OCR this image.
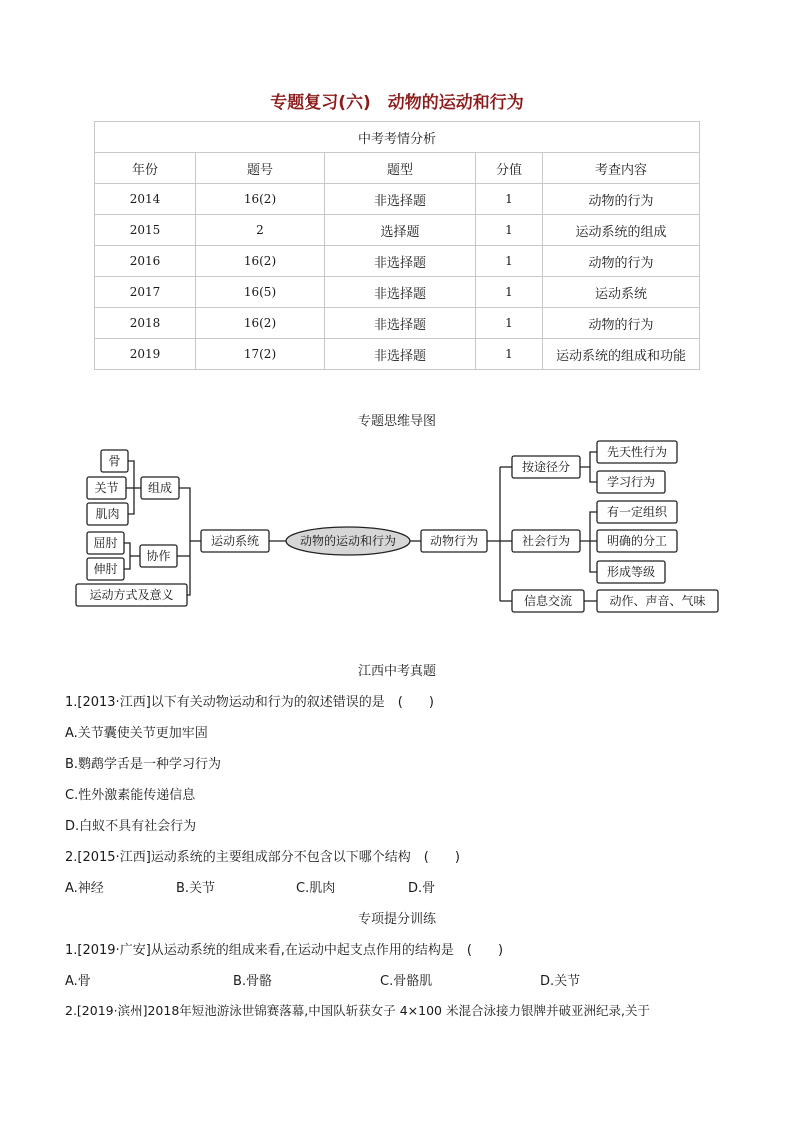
专题复习(六)　动物的运动和行为
中考考情分析				
年份	题号	题型	分值	考查内容
2014	16(2)	非选择题	1	动物的行为
2015	2	选择题	1	运动系统的组成
2016	16(2)	非选择题	1	动物的行为
2017	16(5)	非选择题	1	运动系统
2018	16(2)	非选择题	1	动物的行为
2019	17(2)	非选择题	1	运动系统的组成和功能
专题思维导图
骨
关节
肌肉
组成
屈肘
伸肘
协作
运动方式及意义
运动系统	动物的运动和行为	动物行为
按途径分
先天性行为
学习行为
社会行为
有一定组织
明确的分工
形成等级
信息交流	动作、声音、气味
江西中考真题
1.[2013·江西]以下有关动物运动和行为的叙述错误的是　(　　)
A.关节囊使关节更加牢固
B.鹦鹉学舌是一种学习行为
C.性外激素能传递信息
D.白蚁不具有社会行为
2.[2015·江西]运动系统的主要组成部分不包含以下哪个结构　(　　)
A.神经	B.关节	C.肌肉	D.骨
专项提分训练
1.[2019·广安]从运动系统的组成来看,在运动中起支点作用的结构是　(　　)
A.骨	B.骨骼	C.骨骼肌	D.关节
2.[2019·滨州]2018年短池游泳世锦赛落幕,中国队斩获女子 4×100 米混合泳接力银牌并破亚洲纪录,关于
